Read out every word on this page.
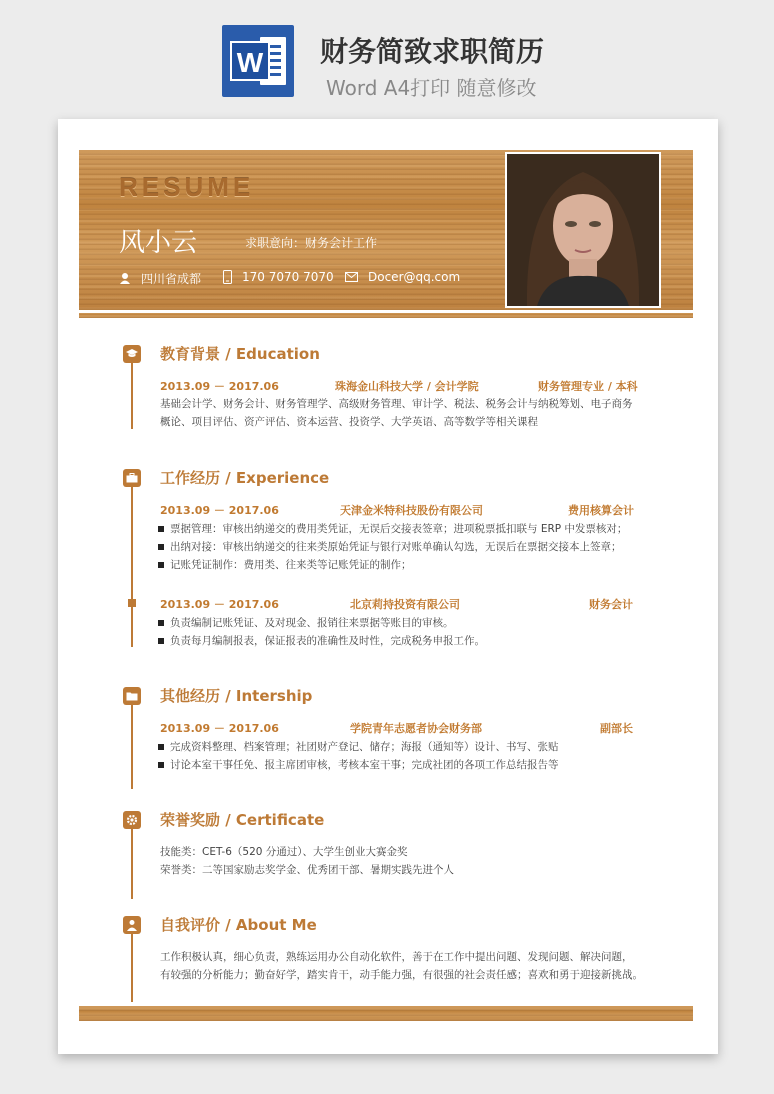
W 财务简致求职简历
Word A4打印 随意修改
RESUME
风小云	求职意向：财务会计工作
四川省成都	170 7070 7070	Docer@qq.com
教育背景 / Education
2013.09 － 2017.06	珠海金山科技大学 / 会计学院	财务管理专业 / 本科
基础会计学、财务会计、财务管理学、高级财务管理、审计学、税法、税务会计与纳税筹划、电子商务
概论、项目评估、资产评估、资本运营、投资学、大学英语、高等数学等相关课程
工作经历 / Experience
2013.09 － 2017.06	天津金米特科技股份有限公司	费用核算会计
票据管理：审核出纳递交的费用类凭证，无误后交接表签章；进项税票抵扣联与 ERP 中发票核对；
出纳对接：审核出纳递交的往来类原始凭证与银行对账单确认勾选，无误后在票据交接本上签章；
记账凭证制作：费用类、往来类等记账凭证的制作；
2013.09 － 2017.06	北京莉持投资有限公司	财务会计
负责编制记账凭证、及对现金、报销往来票据等账目的审核。
负责每月编制报表，保证报表的准确性及时性，完成税务申报工作。
其他经历 / Intership
2013.09 － 2017.06	学院青年志愿者协会财务部	副部长
完成资料整理、档案管理；社团财产登记、储存；海报（通知等）设计、书写、张贴
讨论本室干事任免、报主席团审核，考核本室干事；完成社团的各项工作总结报告等
荣誉奖励 / Certificate
技能类：CET-6（520 分通过）、大学生创业大赛金奖
荣誉类：二等国家励志奖学金、优秀团干部、暑期实践先进个人
自我评价 / About Me
工作积极认真，细心负责，熟练运用办公自动化软件，善于在工作中提出问题、发现问题、解决问题，
有较强的分析能力；勤奋好学，踏实肯干，动手能力强，有很强的社会责任感；喜欢和勇于迎接新挑战。
